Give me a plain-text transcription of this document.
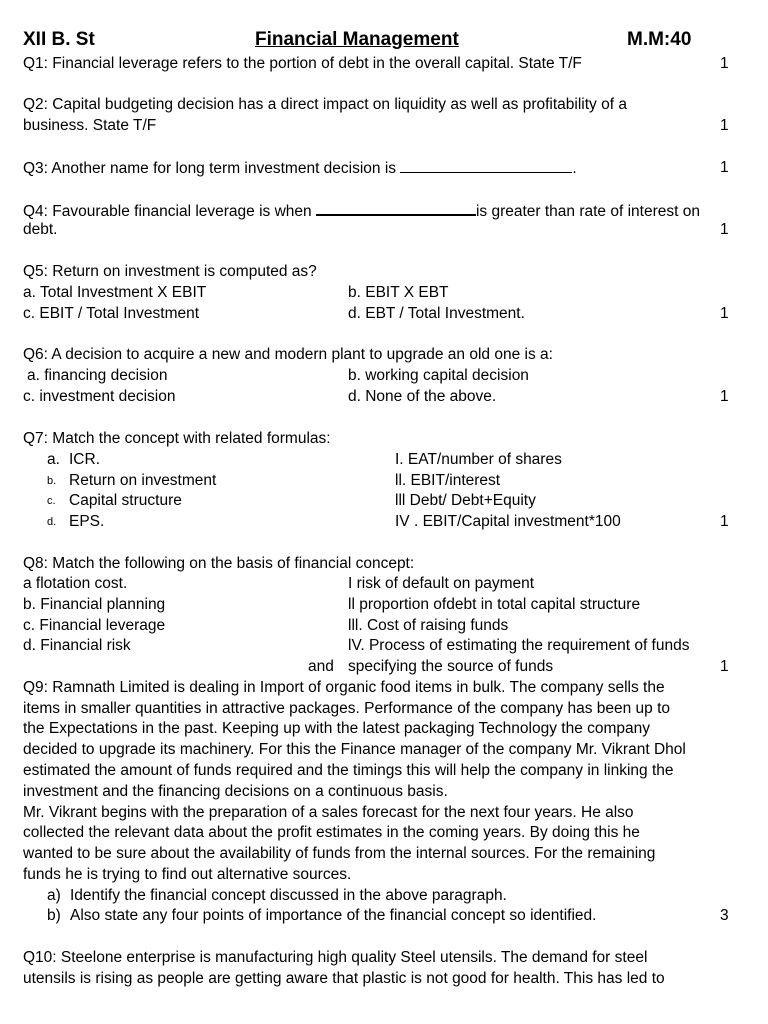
XII B. St	Financial Management	M.M:40
Q1: Financial leverage refers to the portion of debt in the overall capital. State T/F	1
Q2: Capital budgeting decision has a direct impact on liquidity as well as profitability of a
business. State T/F	1
Q3: Another name for long term investment decision is	.	1
Q4: Favourable financial leverage is when	is greater than rate of interest on
debt.	1
Q5: Return on investment is computed as?
a. Total Investment X EBIT	b. EBIT X EBT
c. EBIT / Total Investment	d. EBT / Total Investment.	1
Q6: A decision to acquire a new and modern plant to upgrade an old one is a:
a. financing decision	b. working capital decision
c. investment decision	d. None of the above.	1
Q7: Match the concept with related formulas:
a. ICR.	I. EAT/number of shares
b. Return on investment	ll. EBIT/interest
c. Capital structure	lll Debt/ Debt+Equity
d. EPS.	IV . EBIT/Capital investment*100	1
Q8: Match the following on the basis of financial concept:
a flotation cost.	I risk of default on payment
b. Financial planning	ll proportion ofdebt in total capital structure
c. Financial leverage	lll. Cost of raising funds
d. Financial risk	lV. Process of estimating the requirement of funds
and specifying the source of funds	1
Q9: Ramnath Limited is dealing in Import of organic food items in bulk. The company sells the
items in smaller quantities in attractive packages. Performance of the company has been up to
the Expectations in the past. Keeping up with the latest packaging Technology the company
decided to upgrade its machinery. For this the Finance manager of the company Mr. Vikrant Dhol
estimated the amount of funds required and the timings this will help the company in linking the
investment and the financing decisions on a continuous basis.
Mr. Vikrant begins with the preparation of a sales forecast for the next four years. He also
collected the relevant data about the profit estimates in the coming years. By doing this he
wanted to be sure about the availability of funds from the internal sources. For the remaining
funds he is trying to find out alternative sources.
a) Identify the financial concept discussed in the above paragraph.
b) Also state any four points of importance of the financial concept so identified.	3
Q10: Steelone enterprise is manufacturing high quality Steel utensils. The demand for steel
utensils is rising as people are getting aware that plastic is not good for health. This has led to
